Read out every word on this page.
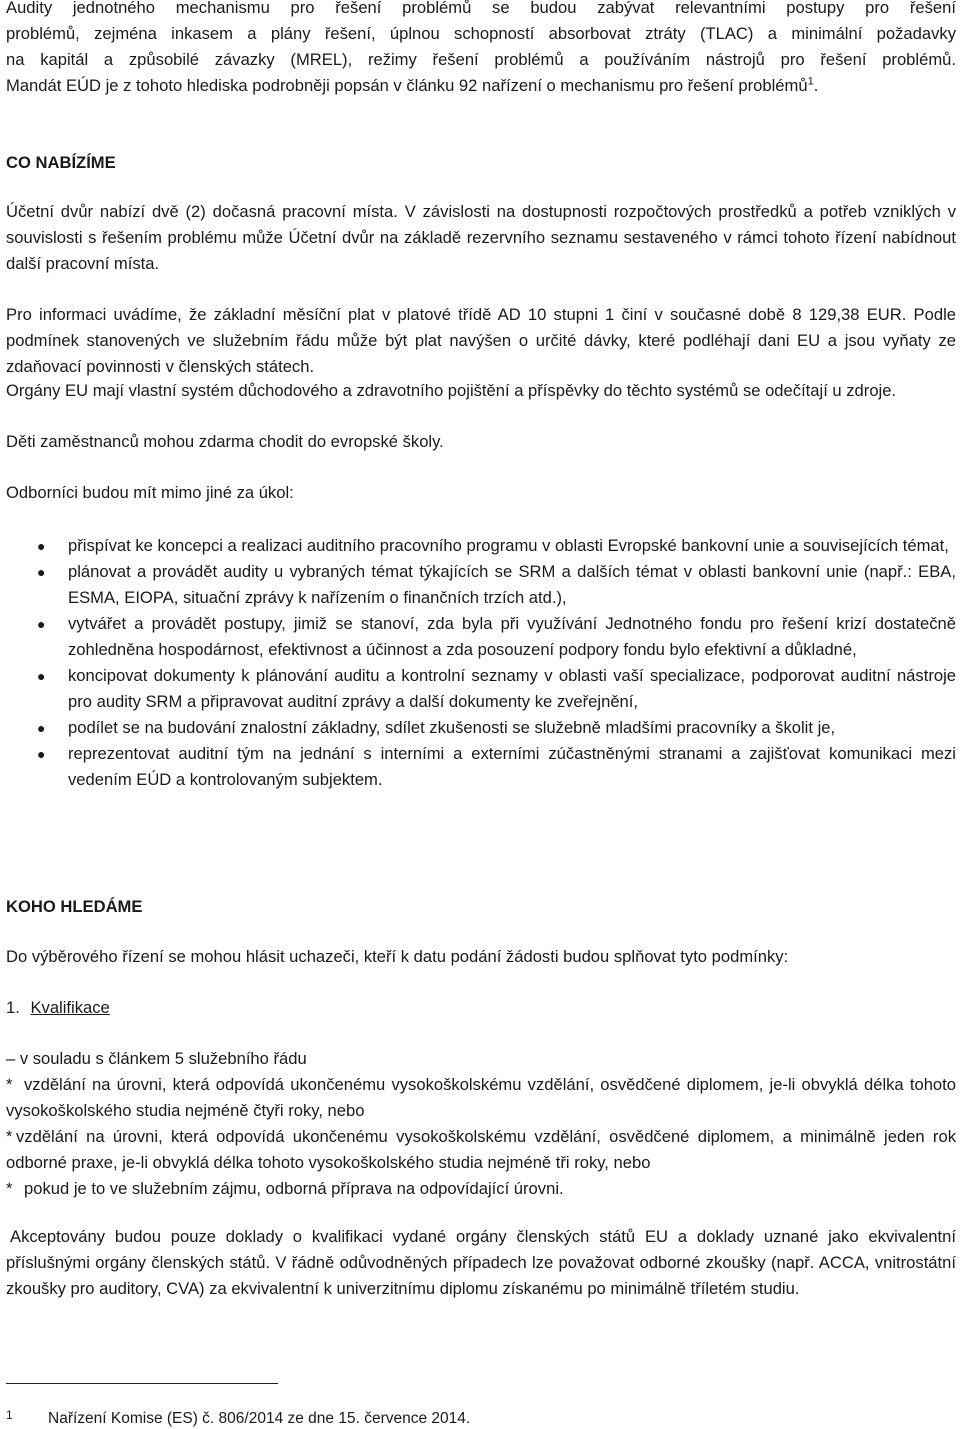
Audity jednotného mechanismu pro řešení problémů se budou zabývat relevantními postupy pro řešení

problémů, zejména inkasem a plány řešení, úplnou schopností absorbovat ztráty (TLAC) a minimální požadavky

na kapitál a způsobilé závazky (MREL), režimy řešení problémů a používáním nástrojů pro řešení problémů.

Mandát EÚD je z tohoto hlediska podrobněji popsán v článku 92 nařízení o mechanismu pro řešení problémů$^1$.

CO NABÍZÍME

Účetní dvůr nabízí dvě (2) dočasná pracovní místa. V závislosti na dostupnosti rozpočtových prostředků a potřeb vzniklých v souvislosti s řešením problému může Účetní dvůr na základě rezervního seznamu sestaveného v rámci tohoto řízení nabídnout další pracovní místa.

Pro informaci uvádíme, že základní měsíční plat v platové třídě AD 10 stupni 1 činí v současné době 8 129,38 EUR. Podle podmínek stanovených ve služebním řádu může být plat navýšen o určité dávky, které podléhají dani EU a jsou vyňaty ze zdaňovací povinnosti v členských státech.

Orgány EU mají vlastní systém důchodového a zdravotního pojištění a příspěvky do těchto systémů se odečítají u zdroje.

Děti zaměstnanců mohou zdarma chodit do evropské školy.

Odborníci budou mít mimo jiné za úkol:

● přispívat ke koncepci a realizaci auditního pracovního programu v oblasti Evropské bankovní unie a souvisejících témat,
● plánovat a provádět audity u vybraných témat týkajících se SRM a dalších témat v oblasti bankovní unie (např.: EBA, ESMA, EIOPA, situační zprávy k nařízením o finančních trzích atd.),
● vytvářet a provádět postupy, jimiž se stanoví, zda byla při využívání Jednotného fondu pro řešení krizí dostatečně zohledněna hospodárnost, efektivnost a účinnost a zda posouzení podpory fondu bylo efektivní a důkladné,
● koncipovat dokumenty k plánování auditu a kontrolní seznamy v oblasti vaší specializace, podporovat auditní nástroje pro audity SRM a připravovat auditní zprávy a další dokumenty ke zveřejnění,
● podílet se na budování znalostní základny, sdílet zkušenosti se služebně mladšími pracovníky a školit je,
● reprezentovat auditní tým na jednání s interními a externími zúčastněnými stranami a zajišťovat komunikaci mezi vedením EÚD a kontrolovaným subjektem.

KOHO HLEDÁME

Do výběrového řízení se mohou hlásit uchazeči, kteří k datu podání žádosti budou splňovat tyto podmínky:

1. Kvalifikace

– v souladu s článkem 5 služebního řádu

* vzdělání na úrovni, která odpovídá ukončenému vysokoškolskému vzdělání, osvědčené diplomem, je-li obvyklá délka tohoto vysokoškolského studia nejméně čtyři roky, nebo

* vzdělání na úrovni, která odpovídá ukončenému vysokoškolskému vzdělání, osvědčené diplomem, a minimálně jeden rok odborné praxe, je-li obvyklá délka tohoto vysokoškolského studia nejméně tři roky, nebo

* pokud je to ve služebním zájmu, odborná příprava na odpovídající úrovni.

Akceptovány budou pouze doklady o kvalifikaci vydané orgány členských států EU a doklady uznané jako ekvivalentní příslušnými orgány členských států. V řádně odůvodněných případech lze považovat odborné zkoušky (např. ACCA, vnitrostátní zkoušky pro auditory, CVA) za ekvivalentní k univerzitnímu diplomu získanému po minimálně tříletém studiu.

1 Nařízení Komise (ES) č. 806/2014 ze dne 15. července 2014.
